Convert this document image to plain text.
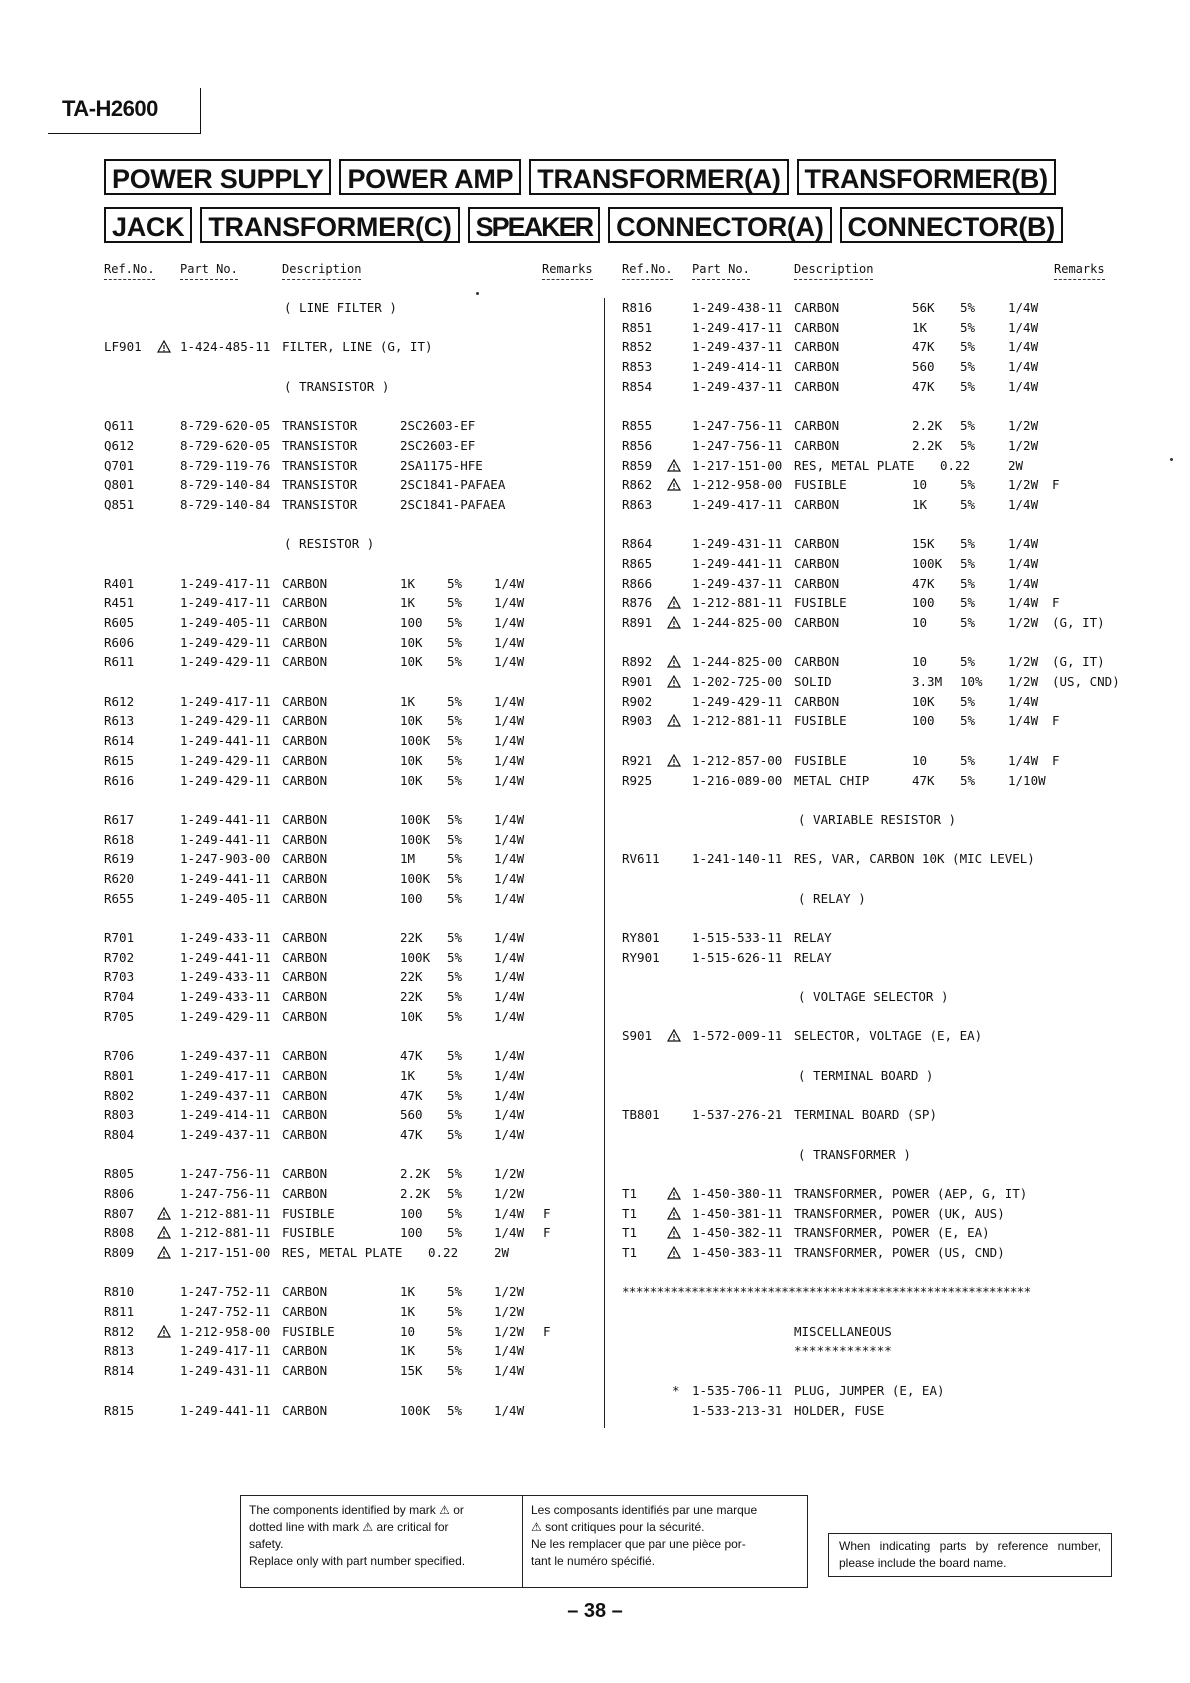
TA-H2600
POWER SUPPLY POWER AMP TRANSFORMER(A) TRANSFORMER(B)
JACK TRANSFORMER(C) SPEAKER CONNECTOR(A) CONNECTOR(B)
Ref.No. Part No.	Description	Remarks Ref.No. Part No.	Description	Remarks
( LINE FILTER )
LF901	1-424-485-11 FILTER, LINE (G, IT)
( TRANSISTOR )
Q611	8-729-620-05 TRANSISTOR	2SC2603-EF
Q612	8-729-620-05 TRANSISTOR	2SC2603-EF
Q701	8-729-119-76 TRANSISTOR	2SA1175-HFE
Q801	8-729-140-84 TRANSISTOR	2SC1841-PAFAEA
Q851	8-729-140-84 TRANSISTOR	2SC1841-PAFAEA
( RESISTOR )
R401	1-249-417-11 CARBON	1K	5%	1/4W
R451	1-249-417-11 CARBON	1K	5%	1/4W
R605	1-249-405-11 CARBON	100 5%	1/4W
R606	1-249-429-11 CARBON	10K 5%	1/4W
R611	1-249-429-11 CARBON	10K 5%	1/4W
R612	1-249-417-11 CARBON	1K	5%	1/4W
R613	1-249-429-11 CARBON	10K 5%	1/4W
R614	1-249-441-11 CARBON	100K 5%	1/4W
R615	1-249-429-11 CARBON	10K 5%	1/4W
R616	1-249-429-11 CARBON	10K 5%	1/4W
R617	1-249-441-11 CARBON	100K 5%	1/4W
R618	1-249-441-11 CARBON	100K 5%	1/4W
R619	1-247-903-00 CARBON	1M	5%	1/4W
R620	1-249-441-11 CARBON	100K 5%	1/4W
R655	1-249-405-11 CARBON	100 5%	1/4W
R701	1-249-433-11 CARBON	22K 5%	1/4W
R702	1-249-441-11 CARBON	100K 5%	1/4W
R703	1-249-433-11 CARBON	22K 5%	1/4W
R704	1-249-433-11 CARBON	22K 5%	1/4W
R705	1-249-429-11 CARBON	10K 5%	1/4W
R706	1-249-437-11 CARBON	47K 5%	1/4W
R801	1-249-417-11 CARBON	1K	5%	1/4W
R802	1-249-437-11 CARBON	47K 5%	1/4W
R803	1-249-414-11 CARBON	560 5%	1/4W
R804	1-249-437-11 CARBON	47K 5%	1/4W
R805	1-247-756-11 CARBON	2.2K 5%	1/2W
R806	1-247-756-11 CARBON	2.2K 5%	1/2W
R807	1-212-881-11 FUSIBLE	100 5%	1/4W F
R808	1-212-881-11 FUSIBLE	100 5%	1/4W F
R809	1-217-151-00 RES, METAL PLATE 0.22	2W
R810	1-247-752-11 CARBON	1K	5%	1/2W
R811	1-247-752-11 CARBON	1K	5%	1/2W
R812	1-212-958-00 FUSIBLE	10	5%	1/2W F
R813	1-249-417-11 CARBON	1K	5%	1/4W
R814	1-249-431-11 CARBON	15K 5%	1/4W
R815	1-249-441-11 CARBON	100K 5%	1/4W
R816	1-249-438-11 CARBON	56K 5%	1/4W
R851	1-249-417-11 CARBON	1K	5%	1/4W
R852	1-249-437-11 CARBON	47K 5%	1/4W
R853	1-249-414-11 CARBON	560 5%	1/4W
R854	1-249-437-11 CARBON	47K 5%	1/4W
R855	1-247-756-11 CARBON	2.2K 5%	1/2W
R856	1-247-756-11 CARBON	2.2K 5%	1/2W
R859	1-217-151-00 RES, METAL PLATE 0.22	2W
R862	1-212-958-00 FUSIBLE	10	5%	1/2W F
R863	1-249-417-11 CARBON	1K	5%	1/4W
R864	1-249-431-11 CARBON	15K 5%	1/4W
R865	1-249-441-11 CARBON	100K 5%	1/4W
R866	1-249-437-11 CARBON	47K 5%	1/4W
R876	1-212-881-11 FUSIBLE	100 5%	1/4W F
R891	1-244-825-00 CARBON	10	5%	1/2W (G, IT)
R892	1-244-825-00 CARBON	10	5%	1/2W (G, IT)
R901	1-202-725-00 SOLID	3.3M 10% 1/2W (US, CND)
R902	1-249-429-11 CARBON	10K 5%	1/4W
R903	1-212-881-11 FUSIBLE	100 5%	1/4W F
R921	1-212-857-00 FUSIBLE	10	5%	1/4W F
R925	1-216-089-00 METAL CHIP	47K 5%	1/10W
( VARIABLE RESISTOR )
RV611	1-241-140-11 RES, VAR, CARBON 10K (MIC LEVEL)
( RELAY )
RY801	1-515-533-11 RELAY
RY901	1-515-626-11 RELAY
( VOLTAGE SELECTOR )
S901	1-572-009-11 SELECTOR, VOLTAGE (E, EA)
( TERMINAL BOARD )
TB801	1-537-276-21 TERMINAL BOARD (SP)
( TRANSFORMER )
T1	1-450-380-11 TRANSFORMER, POWER (AEP, G, IT)
T1	1-450-381-11 TRANSFORMER, POWER (UK, AUS)
T1	1-450-382-11 TRANSFORMER, POWER (E, EA)
T1	1-450-383-11 TRANSFORMER, POWER (US, CND)
***********************************************************
MISCELLANEOUS
*************
* 1-535-706-11 PLUG, JUMPER (E, EA)
1-533-213-31 HOLDER, FUSE
The components identified by mark ⚠ or
dotted line with mark ⚠ are critical for
safety.
Replace only with part number specified.
Les composants identifiés par une marque
⚠ sont critiques pour la sécurité.
Ne les remplacer que par une pièce por-
tant le numéro spécifié.
When indicating parts by reference number, please include the board name.
– 38 –
